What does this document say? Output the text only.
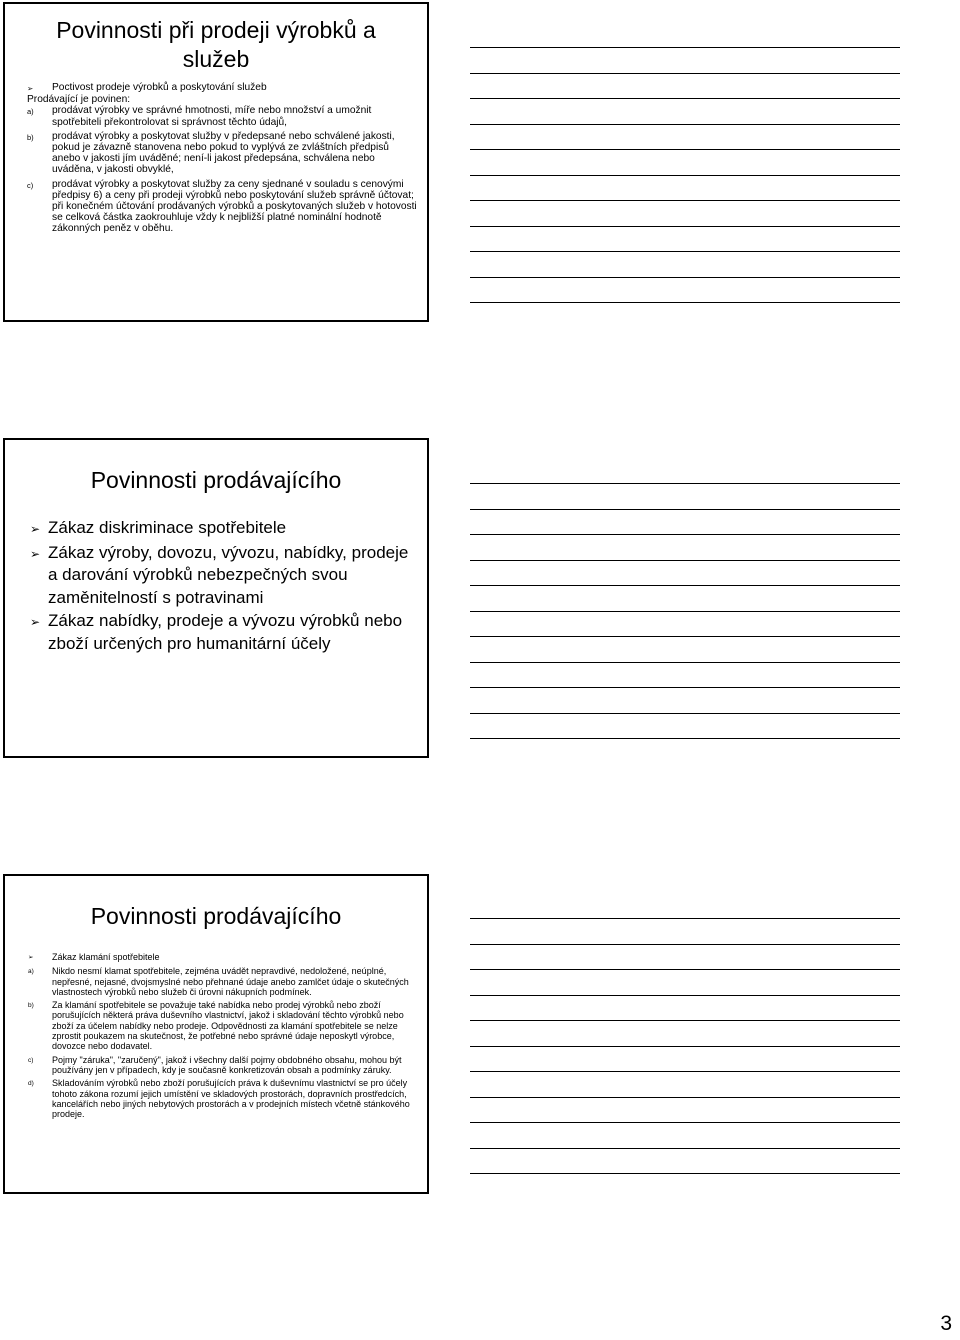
Povinnosti při prodeji výrobků a služeb
➢	Poctivost prodeje výrobků a poskytování služeb
Prodávající je povinen:
a)	prodávat výrobky ve správné hmotnosti, míře nebo množství a umožnit spotřebiteli překontrolovat si správnost těchto údajů,
b)	prodávat výrobky a poskytovat služby v předepsané nebo schválené jakosti, pokud je závazně stanovena nebo pokud to vyplývá ze zvláštních předpisů anebo v jakosti jím uváděné; není-li jakost předepsána, schválena nebo uváděna, v jakosti obvyklé,
c)	prodávat výrobky a poskytovat služby za ceny sjednané v souladu s cenovými předpisy 6) a ceny při prodeji výrobků nebo poskytování služeb správně účtovat; při konečném účtování prodávaných výrobků a poskytovaných služeb v hotovosti se celková částka zaokrouhluje vždy k nejbližší platné nominální hodnotě zákonných peněz v oběhu.
Povinnosti prodávajícího
➢ Zákaz diskriminace spotřebitele
➢ Zákaz výroby, dovozu, vývozu, nabídky, prodeje a darování výrobků nebezpečných svou zaměnitelností s potravinami
➢ Zákaz nabídky, prodeje a vývozu výrobků nebo zboží určených pro humanitární účely
Povinnosti prodávajícího
➢	Zákaz klamání spotřebitele
a)	Nikdo nesmí klamat spotřebitele, zejména uvádět nepravdivé, nedoložené, neúplné, nepřesné, nejasné, dvojsmyslné nebo přehnané údaje anebo zamlčet údaje o skutečných vlastnostech výrobků nebo služeb či úrovni nákupních podmínek.
b)	Za klamání spotřebitele se považuje také nabídka nebo prodej výrobků nebo zboží porušujících některá práva duševního vlastnictví, jakož i skladování těchto výrobků nebo zboží za účelem nabídky nebo prodeje. Odpovědnosti za klamání spotřebitele se nelze zprostit poukazem na skutečnost, že potřebné nebo správné údaje neposkytl výrobce, dovozce nebo dodavatel.
c)	Pojmy "záruka", "zaručený", jakož i všechny další pojmy obdobného obsahu, mohou být používány jen v případech, kdy je současně konkretizován obsah a podmínky záruky.
d)	Skladováním výrobků nebo zboží porušujících práva k duševnímu vlastnictví se pro účely tohoto zákona rozumí jejich umístění ve skladových prostorách, dopravních prostředcích, kancelářích nebo jiných nebytových prostorách a v prodejních místech včetně stánkového prodeje.
3
